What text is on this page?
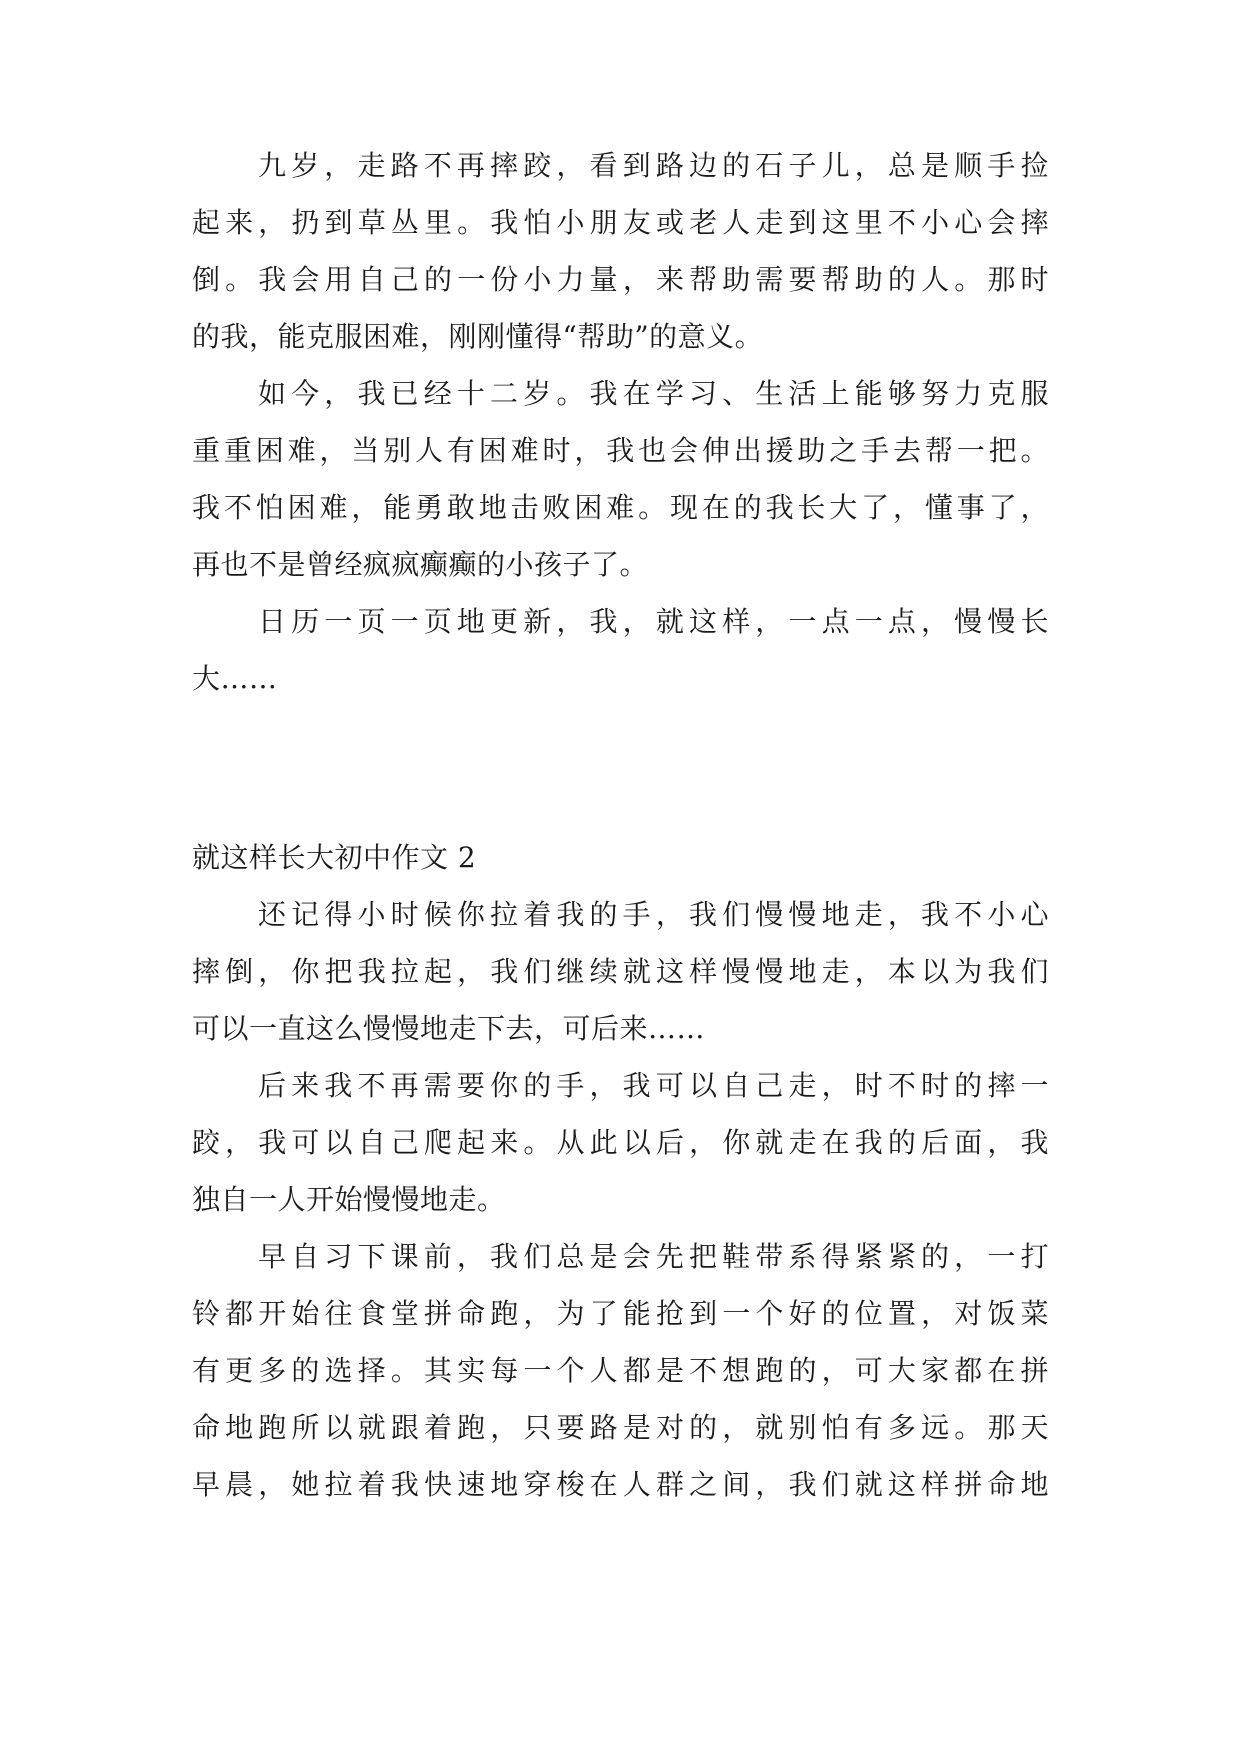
九岁，走路不再摔跤，看到路边的石子儿，总是顺手捡
起来，扔到草丛里。我怕小朋友或老人走到这里不小心会摔
倒。我会用自己的一份小力量，来帮助需要帮助的人。那时
的我，能克服困难，刚刚懂得“帮助”的意义。
如今，我已经十二岁。我在学习、生活上能够努力克服
重重困难，当别人有困难时，我也会伸出援助之手去帮一把。
我不怕困难，能勇敢地击败困难。现在的我长大了，懂事了，
再也不是曾经疯疯癫癫的小孩子了。
日历一页一页地更新，我，就这样，一点一点，慢慢长
大……
就这样长大初中作文 2
还记得小时候你拉着我的手，我们慢慢地走，我不小心
摔倒，你把我拉起，我们继续就这样慢慢地走，本以为我们
可以一直这么慢慢地走下去，可后来……
后来我不再需要你的手，我可以自己走，时不时的摔一
跤，我可以自己爬起来。从此以后，你就走在我的后面，我
独自一人开始慢慢地走。
早自习下课前，我们总是会先把鞋带系得紧紧的，一打
铃都开始往食堂拼命跑，为了能抢到一个好的位置，对饭菜
有更多的选择。其实每一个人都是不想跑的，可大家都在拼
命地跑所以就跟着跑，只要路是对的，就别怕有多远。那天
早晨，她拉着我快速地穿梭在人群之间，我们就这样拼命地
